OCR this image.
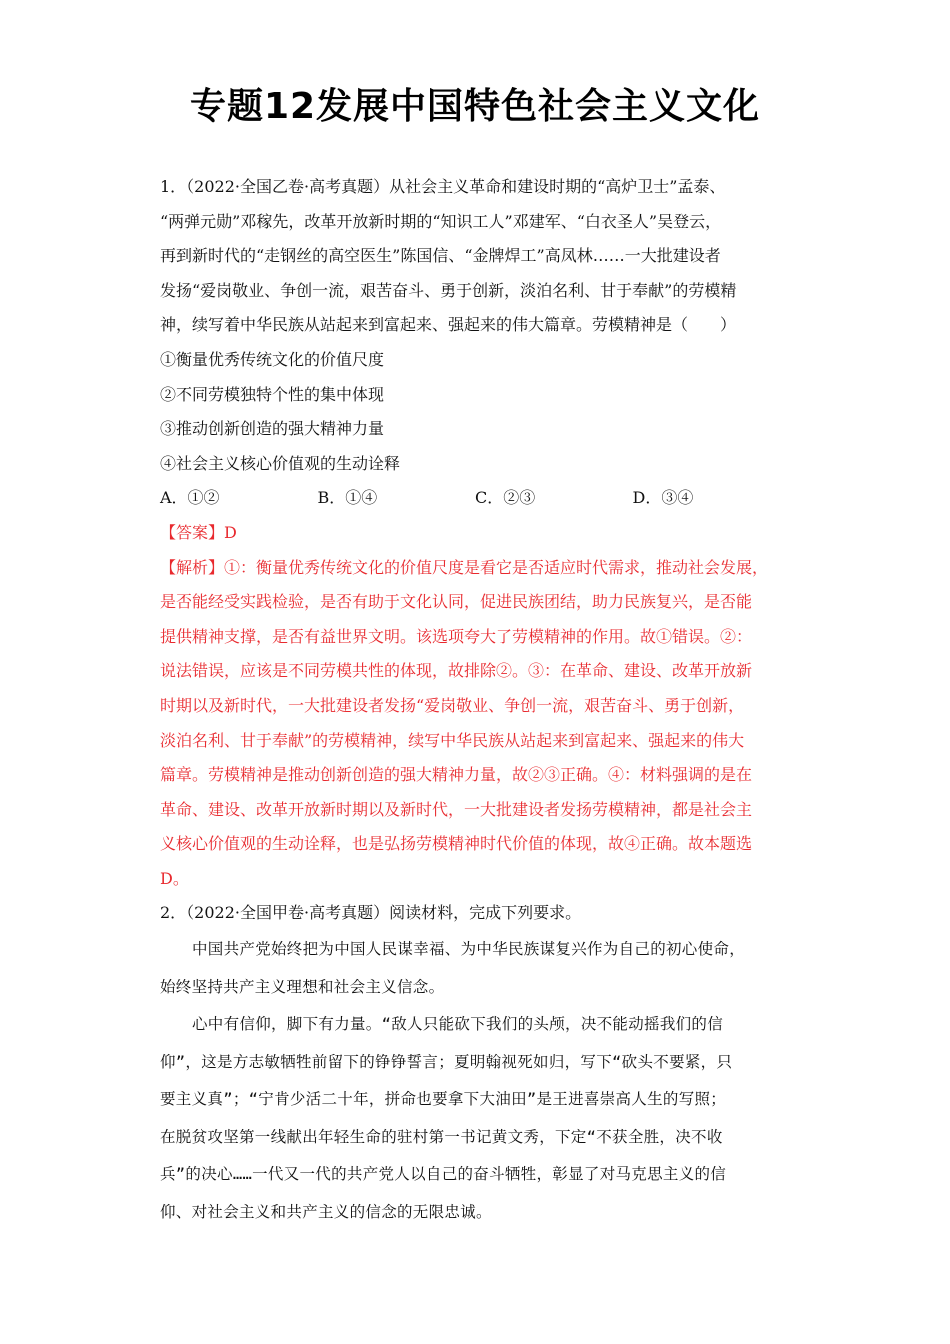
专题12发展中国特色社会主义文化
1．（2022·全国乙卷·高考真题）从社会主义革命和建设时期的“高炉卫士”孟泰、
“两弹元勋”邓稼先，改革开放新时期的“知识工人”邓建军、“白衣圣人”吴登云，
再到新时代的“走钢丝的高空医生”陈国信、“金牌焊工”高凤林……一大批建设者
发扬“爱岗敬业、争创一流，艰苦奋斗、勇于创新，淡泊名利、甘于奉献”的劳模精
神，续写着中华民族从站起来到富起来、强起来的伟大篇章。劳模精神是（　　）
①衡量优秀传统文化的价值尺度
②不同劳模独特个性的集中体现
③推动创新创造的强大精神力量
④社会主义核心价值观的生动诠释
A．①②	B．①④	C．②③	D．③④
【答案】D
【解析】①：衡量优秀传统文化的价值尺度是看它是否适应时代需求，推动社会发展，
是否能经受实践检验，是否有助于文化认同，促进民族团结，助力民族复兴，是否能
提供精神支撑，是否有益世界文明。该选项夸大了劳模精神的作用。故①错误。②：
说法错误，应该是不同劳模共性的体现，故排除②。③：在革命、建设、改革开放新
时期以及新时代，一大批建设者发扬“爱岗敬业、争创一流，艰苦奋斗、勇于创新，
淡泊名利、甘于奉献”的劳模精神，续写中华民族从站起来到富起来、强起来的伟大
篇章。劳模精神是推动创新创造的强大精神力量，故②③正确。④：材料强调的是在
革命、建设、改革开放新时期以及新时代，一大批建设者发扬劳模精神，都是社会主
义核心价值观的生动诠释，也是弘扬劳模精神时代价值的体现，故④正确。故本题选
D。
2．（2022·全国甲卷·高考真题）阅读材料，完成下列要求。
中国共产党始终把为中国人民谋幸福、为中华民族谋复兴作为自己的初心使命，
始终坚持共产主义理想和社会主义信念。
心中有信仰，脚下有力量。“敌人只能砍下我们的头颅，决不能动摇我们的信
仰”，这是方志敏牺牲前留下的铮铮誓言；夏明翰视死如归，写下“砍头不要紧，只
要主义真”；“宁肯少活二十年，拼命也要拿下大油田”是王进喜崇高人生的写照；
在脱贫攻坚第一线献出年轻生命的驻村第一书记黄文秀，下定“不获全胜，决不收
兵”的决心……一代又一代的共产党人以自己的奋斗牺牲，彰显了对马克思主义的信
仰、对社会主义和共产主义的信念的无限忠诚。
